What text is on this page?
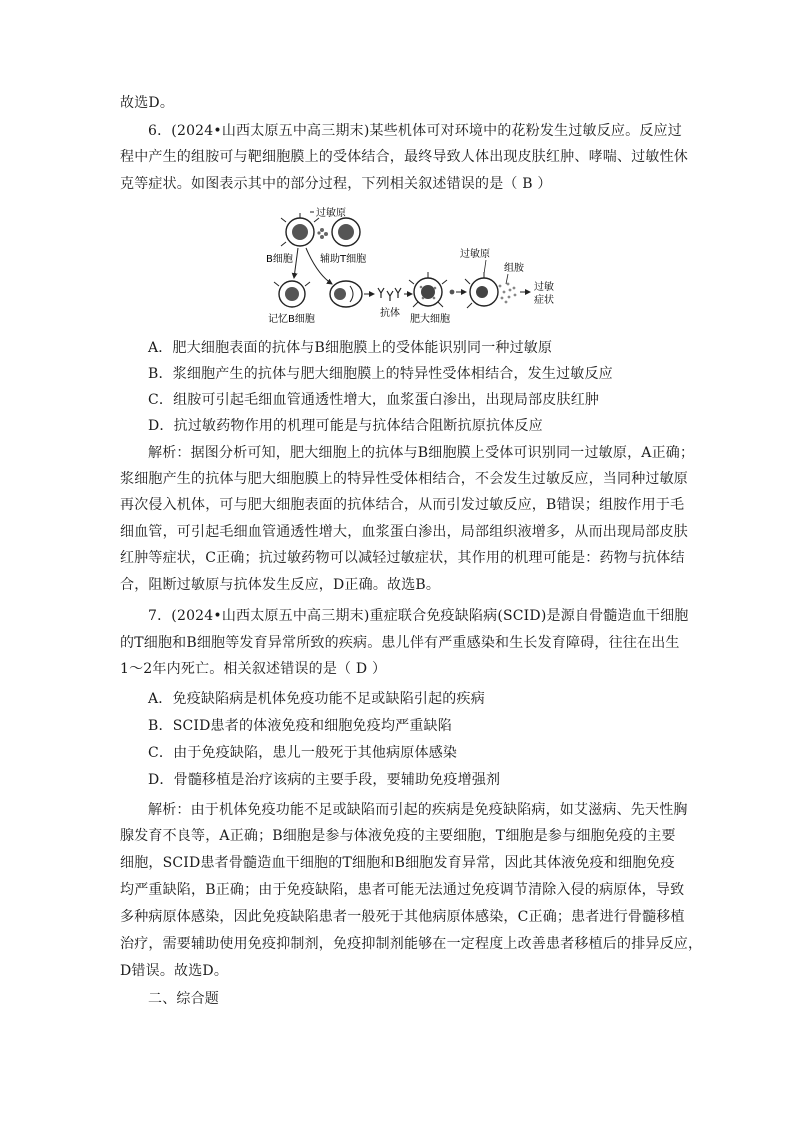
故选D。
6．(2024•山西太原五中高三期末)某些机体可对环境中的花粉发生过敏反应。反应过
程中产生的组胺可与靶细胞膜上的受体结合，最终导致人体出现皮肤红肿、哮喘、过敏性休
克等症状。如图表示其中的部分过程，下列相关叙述错误的是（ B ）
过敏原
B细胞	辅助T细胞
记忆B细胞
抗体
肥大细胞
过敏原
组胺
过敏 症状
A．肥大细胞表面的抗体与B细胞膜上的受体能识别同一种过敏原
B．浆细胞产生的抗体与肥大细胞膜上的特异性受体相结合，发生过敏反应
C．组胺可引起毛细血管通透性增大，血浆蛋白渗出，出现局部皮肤红肿
D．抗过敏药物作用的机理可能是与抗体结合阻断抗原抗体反应
解析：据图分析可知，肥大细胞上的抗体与B细胞膜上受体可识别同一过敏原，A正确；
浆细胞产生的抗体与肥大细胞膜上的特异性受体相结合，不会发生过敏反应，当同种过敏原
再次侵入机体，可与肥大细胞表面的抗体结合，从而引发过敏反应，B错误；组胺作用于毛
细血管，可引起毛细血管通透性增大，血浆蛋白渗出，局部组织液增多，从而出现局部皮肤
红肿等症状，C正确；抗过敏药物可以减轻过敏症状，其作用的机理可能是：药物与抗体结
合，阻断过敏原与抗体发生反应，D正确。故选B。
7．(2024•山西太原五中高三期末)重症联合免疫缺陷病(SCID)是源自骨髓造血干细胞
的T细胞和B细胞等发育异常所致的疾病。患儿伴有严重感染和生长发育障碍，往往在出生
1～2年内死亡。相关叙述错误的是（ D ）
A．免疫缺陷病是机体免疫功能不足或缺陷引起的疾病
B．SCID患者的体液免疫和细胞免疫均严重缺陷
C．由于免疫缺陷，患儿一般死于其他病原体感染
D．骨髓移植是治疗该病的主要手段，要辅助免疫增强剂
解析：由于机体免疫功能不足或缺陷而引起的疾病是免疫缺陷病，如艾滋病、先天性胸
腺发育不良等，A正确；B细胞是参与体液免疫的主要细胞，T细胞是参与细胞免疫的主要
细胞，SCID患者骨髓造血干细胞的T细胞和B细胞发育异常，因此其体液免疫和细胞免疫
均严重缺陷，B正确；由于免疫缺陷，患者可能无法通过免疫调节清除入侵的病原体，导致
多种病原体感染，因此免疫缺陷患者一般死于其他病原体感染，C正确；患者进行骨髓移植
治疗，需要辅助使用免疫抑制剂，免疫抑制剂能够在一定程度上改善患者移植后的排异反应，
D错误。故选D。
二、综合题
